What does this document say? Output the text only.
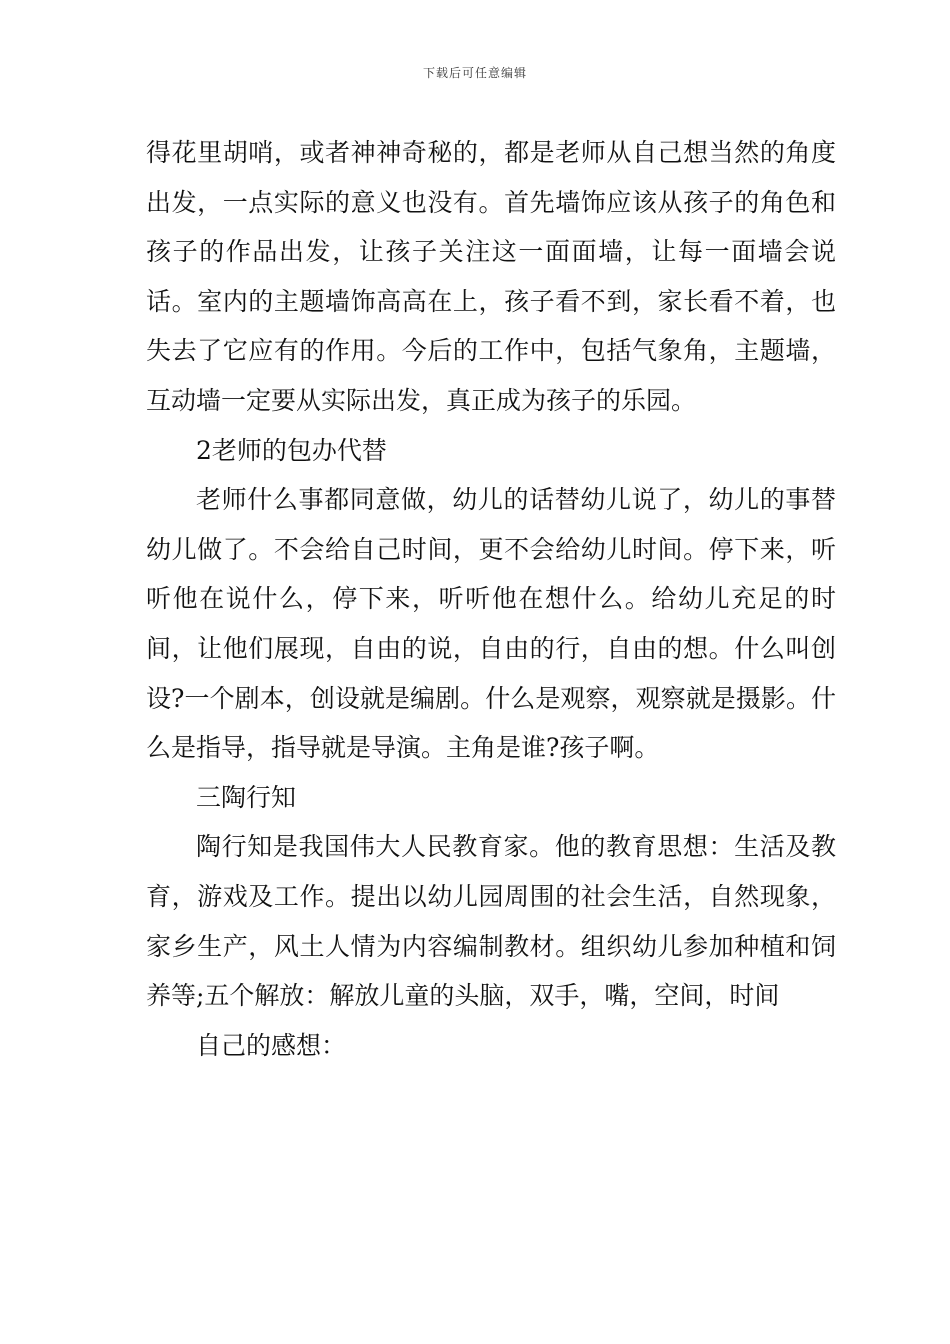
下载后可任意编辑

得花里胡哨，或者神神奇秘的，都是老师从自己想当然的角度出发，一点实际的意义也没有。首先墙饰应该从孩子的角色和孩子的作品出发，让孩子关注这一面面墙，让每一面墙会说话。室内的主题墙饰高高在上，孩子看不到，家长看不着，也失去了它应有的作用。今后的工作中，包括气象角，主题墙，互动墙一定要从实际出发，真正成为孩子的乐园。

2老师的包办代替

老师什么事都同意做，幼儿的话替幼儿说了，幼儿的事替幼儿做了。不会给自己时间，更不会给幼儿时间。停下来，听听他在说什么，停下来，听听他在想什么。给幼儿充足的时间，让他们展现，自由的说，自由的行，自由的想。什么叫创设?一个剧本，创设就是编剧。什么是观察，观察就是摄影。什么是指导，指导就是导演。主角是谁?孩子啊。

三陶行知

陶行知是我国伟大人民教育家。他的教育思想：生活及教育，游戏及工作。提出以幼儿园周围的社会生活，自然现象，家乡生产，风土人情为内容编制教材。组织幼儿参加种植和饲养等;五个解放：解放儿童的头脑，双手，嘴，空间，时间

自己的感想：
